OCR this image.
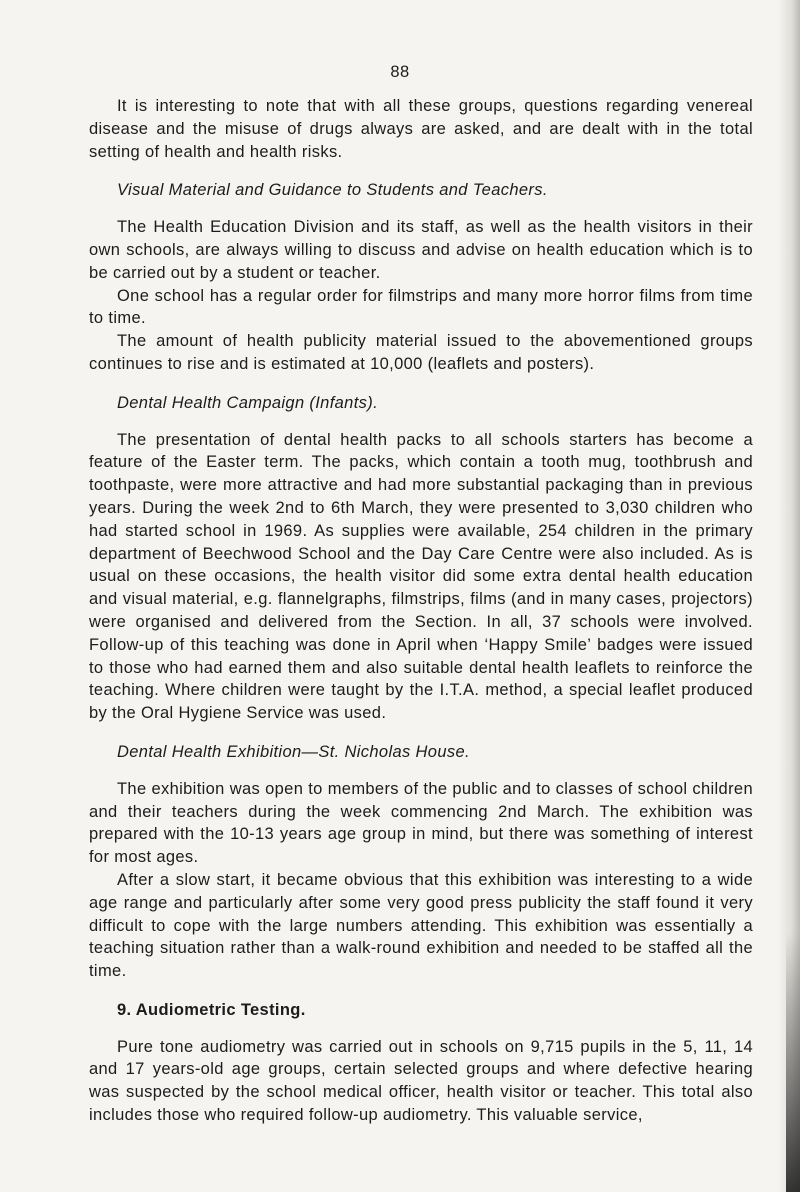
88

It is interesting to note that with all these groups, questions regarding venereal disease and the misuse of drugs always are asked, and are dealt with in the total setting of health and health risks.

Visual Material and Guidance to Students and Teachers.

The Health Education Division and its staff, as well as the health visitors in their own schools, are always willing to discuss and advise on health education which is to be carried out by a student or teacher.

One school has a regular order for filmstrips and many more horror films from time to time.

The amount of health publicity material issued to the abovementioned groups continues to rise and is estimated at 10,000 (leaflets and posters).

Dental Health Campaign (Infants).

The presentation of dental health packs to all schools starters has become a feature of the Easter term. The packs, which contain a tooth mug, toothbrush and toothpaste, were more attractive and had more substantial packaging than in previous years. During the week 2nd to 6th March, they were presented to 3,030 children who had started school in 1969. As supplies were available, 254 children in the primary department of Beechwood School and the Day Care Centre were also included. As is usual on these occasions, the health visitor did some extra dental health education and visual material, e.g. flannelgraphs, filmstrips, films (and in many cases, projectors) were organised and delivered from the Section. In all, 37 schools were involved. Follow-up of this teaching was done in April when ‘Happy Smile’ badges were issued to those who had earned them and also suitable dental health leaflets to reinforce the teaching. Where children were taught by the I.T.A. method, a special leaflet produced by the Oral Hygiene Service was used.

Dental Health Exhibition—St. Nicholas House.

The exhibition was open to members of the public and to classes of school children and their teachers during the week commencing 2nd March. The exhibition was prepared with the 10-13 years age group in mind, but there was something of interest for most ages.

After a slow start, it became obvious that this exhibition was interesting to a wide age range and particularly after some very good press publicity the staff found it very difficult to cope with the large numbers attending. This exhibition was essentially a teaching situation rather than a walk-round exhibition and needed to be staffed all the time.

9. Audiometric Testing.

Pure tone audiometry was carried out in schools on 9,715 pupils in the 5, 11, 14 and 17 years-old age groups, certain selected groups and where defective hearing was suspected by the school medical officer, health visitor or teacher. This total also includes those who required follow-up audiometry. This valuable service,
